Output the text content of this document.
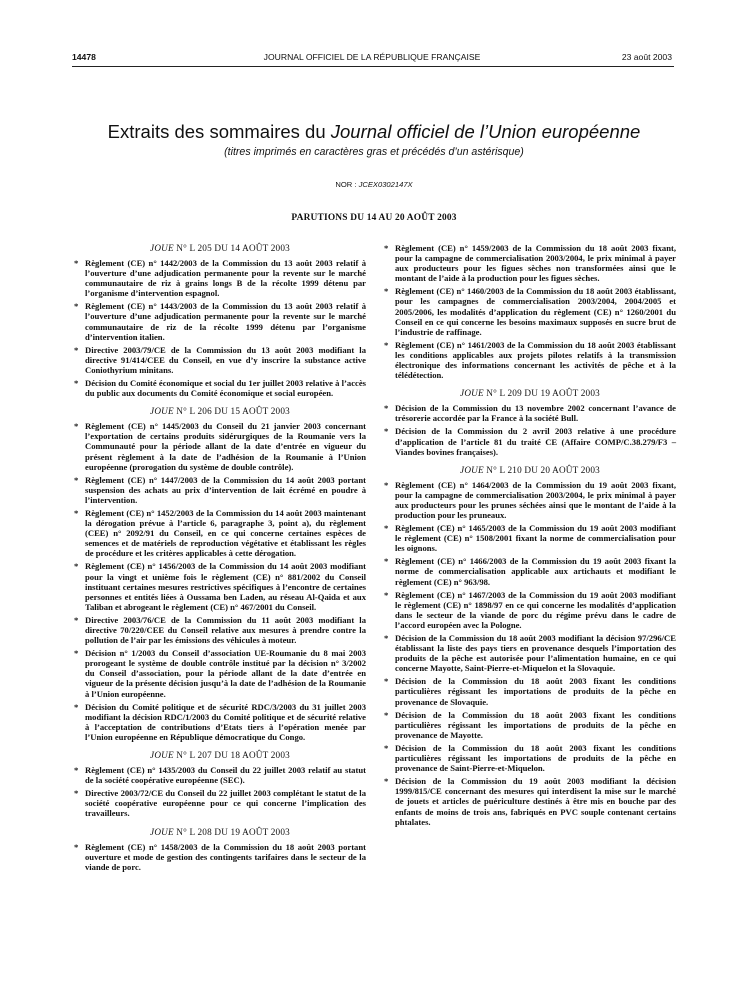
14478	JOURNAL OFFICIEL DE LA RÉPUBLIQUE FRANÇAISE	23 août 2003
Extraits des sommaires du Journal officiel de l’Union européenne
(titres imprimés en caractères gras et précédés d’un astérisque)
NOR : JCEX0302147X
PARUTIONS DU 14 AU 20 AOÛT 2003
JOUE N° L 205 DU 14 AOÛT 2003
* Règlement (CE) n° 1442/2003 de la Commission du 13 août 2003 relatif à l’ouverture d’une adjudication permanente pour la revente sur le marché communautaire de riz à grains longs B de la récolte 1999 détenu par l’organisme d’intervention espagnol.
* Règlement (CE) n° 1443/2003 de la Commission du 13 août 2003 relatif à l’ouverture d’une adjudication permanente pour la revente sur le marché communautaire de riz de la récolte 1999 détenu par l’organisme d’intervention italien.
* Directive 2003/79/CE de la Commission du 13 août 2003 modifiant la directive 91/414/CEE du Conseil, en vue d’y inscrire la substance active Coniothyrium minitans.
* Décision du Comité économique et social du 1er juillet 2003 relative à l’accès du public aux documents du Comité économique et social européen.
JOUE N° L 206 DU 15 AOÛT 2003
* Règlement (CE) n° 1445/2003 du Conseil du 21 janvier 2003 concernant l’exportation de certains produits sidérurgiques de la Roumanie vers la Communauté pour la période allant de la date d’entrée en vigueur du présent règlement à la date de l’adhésion de la Roumanie à l’Union européenne (prorogation du système de double contrôle).
* Règlement (CE) n° 1447/2003 de la Commission du 14 août 2003 portant suspension des achats au prix d’intervention de lait écrémé en poudre à l’intervention.
* Règlement (CE) n° 1452/2003 de la Commission du 14 août 2003 maintenant la dérogation prévue à l’article 6, paragraphe 3, point a), du règlement (CEE) n° 2092/91 du Conseil, en ce qui concerne certaines espèces de semences et de matériels de reproduction végétative et établissant les règles de procédure et les critères applicables à cette dérogation.
* Règlement (CE) n° 1456/2003 de la Commission du 14 août 2003 modifiant pour la vingt et unième fois le règlement (CE) n° 881/2002 du Conseil instituant certaines mesures restrictives spécifiques à l’encontre de certaines personnes et entités liées à Oussama ben Laden, au réseau Al-Qaida et aux Taliban et abrogeant le règlement (CE) n° 467/2001 du Conseil.
* Directive 2003/76/CE de la Commission du 11 août 2003 modifiant la directive 70/220/CEE du Conseil relative aux mesures à prendre contre la pollution de l’air par les émissions des véhicules à moteur.
* Décision n° 1/2003 du Conseil d’association UE-Roumanie du 8 mai 2003 prorogeant le système de double contrôle institué par la décision n° 3/2002 du Conseil d’association, pour la période allant de la date d’entrée en vigueur de la présente décision jusqu’à la date de l’adhésion de la Roumanie à l’Union européenne.
* Décision du Comité politique et de sécurité RDC/3/2003 du 31 juillet 2003 modifiant la décision RDC/1/2003 du Comité politique et de sécurité relative à l’acceptation de contributions d’Etats tiers à l’opération menée par l’Union européenne en République démocratique du Congo.
JOUE N° L 207 DU 18 AOÛT 2003
* Règlement (CE) n° 1435/2003 du Conseil du 22 juillet 2003 relatif au statut de la société coopérative européenne (SEC).
* Directive 2003/72/CE du Conseil du 22 juillet 2003 complétant le statut de la société coopérative européenne pour ce qui concerne l’implication des travailleurs.
JOUE N° L 208 DU 19 AOÛT 2003
* Règlement (CE) n° 1458/2003 de la Commission du 18 août 2003 portant ouverture et mode de gestion des contingents tarifaires dans le secteur de la viande de porc.
* Règlement (CE) n° 1459/2003 de la Commission du 18 août 2003 fixant, pour la campagne de commercialisation 2003/2004, le prix minimal à payer aux producteurs pour les figues sèches non transformées ainsi que le montant de l’aide à la production pour les figues sèches.
* Règlement (CE) n° 1460/2003 de la Commission du 18 août 2003 établissant, pour les campagnes de commercialisation 2003/2004, 2004/2005 et 2005/2006, les modalités d’application du règlement (CE) n° 1260/2001 du Conseil en ce qui concerne les besoins maximaux supposés en sucre brut de l’industrie de raffinage.
* Règlement (CE) n° 1461/2003 de la Commission du 18 août 2003 établissant les conditions applicables aux projets pilotes relatifs à la transmission électronique des informations concernant les activités de pêche et à la télédétection.
JOUE N° L 209 DU 19 AOÛT 2003
* Décision de la Commission du 13 novembre 2002 concernant l’avance de trésorerie accordée par la France à la société Bull.
* Décision de la Commission du 2 avril 2003 relative à une procédure d’application de l’article 81 du traité CE (Affaire COMP/C.38.279/F3 – Viandes bovines françaises).
JOUE N° L 210 DU 20 AOÛT 2003
* Règlement (CE) n° 1464/2003 de la Commission du 19 août 2003 fixant, pour la campagne de commercialisation 2003/2004, le prix minimal à payer aux producteurs pour les prunes séchées ainsi que le montant de l’aide à la production pour les pruneaux.
* Règlement (CE) n° 1465/2003 de la Commission du 19 août 2003 modifiant le règlement (CE) n° 1508/2001 fixant la norme de commercialisation pour les oignons.
* Règlement (CE) n° 1466/2003 de la Commission du 19 août 2003 fixant la norme de commercialisation applicable aux artichauts et modifiant le règlement (CE) n° 963/98.
* Règlement (CE) n° 1467/2003 de la Commission du 19 août 2003 modifiant le règlement (CE) n° 1898/97 en ce qui concerne les modalités d’application dans le secteur de la viande de porc du régime prévu dans le cadre de l’accord européen avec la Pologne.
* Décision de la Commission du 18 août 2003 modifiant la décision 97/296/CE établissant la liste des pays tiers en provenance desquels l’importation des produits de la pêche est autorisée pour l’alimentation humaine, en ce qui concerne Mayotte, Saint-Pierre-et-Miquelon et la Slovaquie.
* Décision de la Commission du 18 août 2003 fixant les conditions particulières régissant les importations de produits de la pêche en provenance de Slovaquie.
* Décision de la Commission du 18 août 2003 fixant les conditions particulières régissant les importations de produits de la pêche en provenance de Mayotte.
* Décision de la Commission du 18 août 2003 fixant les conditions particulières régissant les importations de produits de la pêche en provenance de Saint-Pierre-et-Miquelon.
* Décision de la Commission du 19 août 2003 modifiant la décision 1999/815/CE concernant des mesures qui interdisent la mise sur le marché de jouets et articles de puériculture destinés à être mis en bouche par des enfants de moins de trois ans, fabriqués en PVC souple contenant certains phtalates.
